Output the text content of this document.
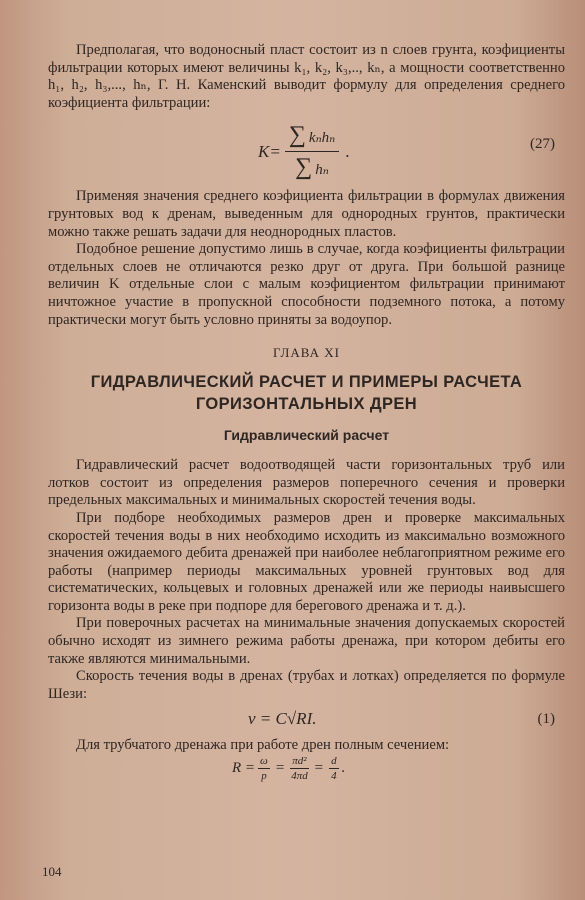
Предполагая, что водоносный пласт состоит из n слоев грунта, коэфициенты фильтрации которых имеют величины k₁, k₂, k₃,.., kₙ, а мощности соответственно h₁, h₂, h₃,..., hₙ, Г. Н. Каменский выводит формулу для определения среднего коэфициента фильтрации:

$K= \frac{\text{∑ kₙhₙ}}{\text{∑ hₙ}}$ .	(27)

Применяя значения среднего коэфициента фильтрации в формулах движения грунтовых вод к дренам, выведенным для однородных грунтов, практически можно также решать задачи для неоднородных пластов.

Подобное решение допустимо лишь в случае, когда коэфициенты фильтрации отдельных слоев не отличаются резко друг от друга. При большой разнице величин K отдельные слои с малым коэфициентом фильтрации принимают ничтожное участие в пропускной способности подземного потока, а потому практически могут быть условно приняты за водоупор.

ГЛАВА XI
ГИДРАВЛИЧЕСКИЙ РАСЧЕТ И ПРИМЕРЫ РАСЧЕТА
ГОРИЗОНТАЛЬНЫХ ДРЕН
Гидравлический расчет

Гидравлический расчет водоотводящей части горизонтальных труб или лотков состоит из определения размеров поперечного сечения и проверки предельных максимальных и минимальных скоростей течения воды.

При подборе необходимых размеров дрен и проверке максимальных скоростей течения воды в них необходимо исходить из максимально возможного значения ожидаемого дебита дренажей при наиболее неблагоприятном режиме его работы (например периоды максимальных уровней грунтовых вод для систематических, кольцевых и головных дренажей или же периоды наивысшего горизонта воды в реке при подпоре для берегового дренажа и т. д.).

При поверочных расчетах на минимальные значения допускаемых скоростей обычно исходят из зимнего режима работы дренажа, при котором дебиты его также являются минимальными.

Скорость течения воды в дренах (трубах и лотках) определяется по формуле Шези:

v = C√RI.	(1)

Для трубчатого дренажа при работе дрен полным сечением:

$R = \frac{\omega}{p} = \frac{\text{πd²}}{4\pi d} = \frac{d}{4}$ .
104
